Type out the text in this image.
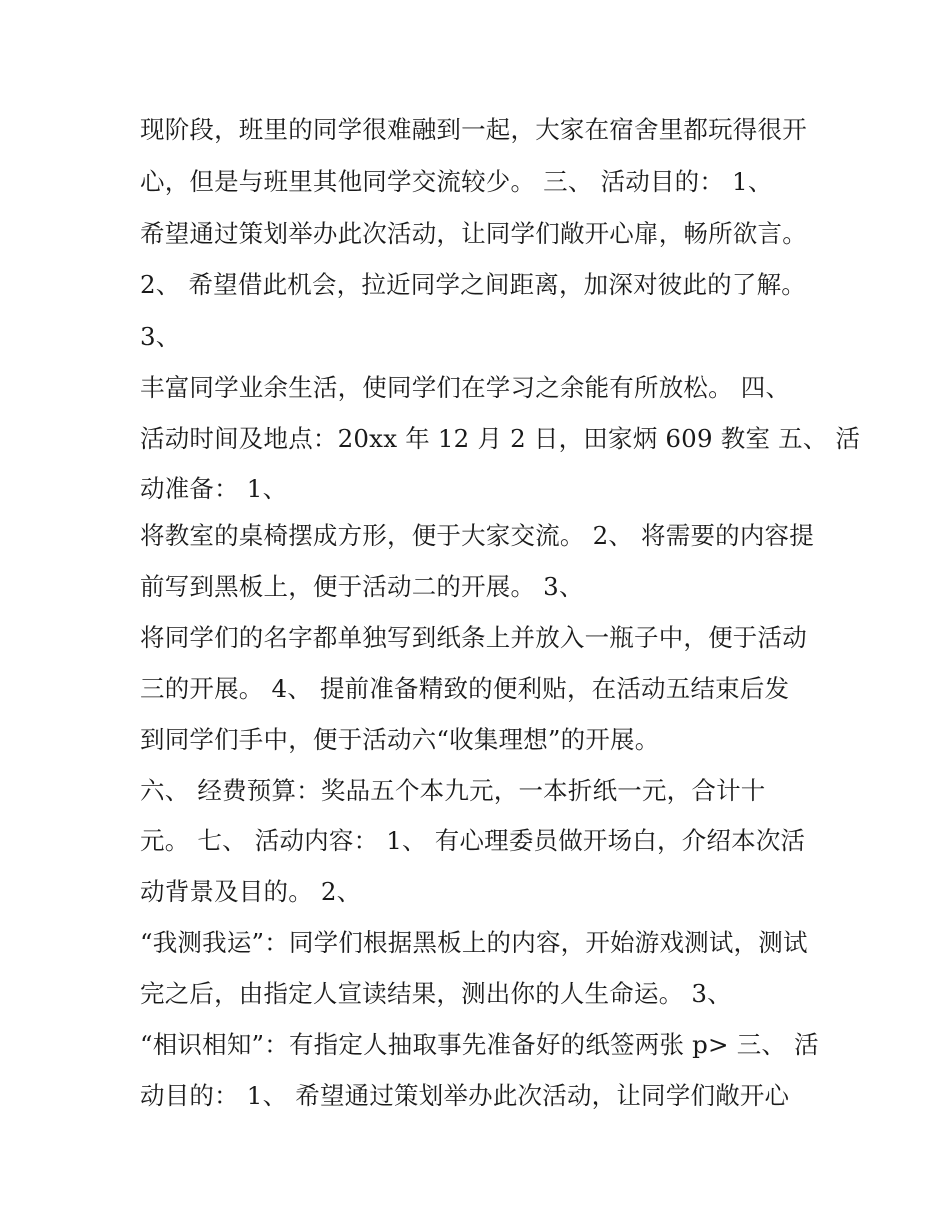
现阶段，班里的同学很难融到一起，大家在宿舍里都玩得很开
心，但是与班里其他同学交流较少。 三、 活动目的： 1、
希望通过策划举办此次活动，让同学们敞开心扉，畅所欲言。
2、 希望借此机会，拉近同学之间距离，加深对彼此的了解。
3、
丰富同学业余生活，使同学们在学习之余能有所放松。 四、
活动时间及地点：20xx 年 12 月 2 日，田家炳 609 教室 五、 活
动准备： 1、
将教室的桌椅摆成方形，便于大家交流。 2、 将需要的内容提
前写到黑板上，便于活动二的开展。 3、
将同学们的名字都单独写到纸条上并放入一瓶子中，便于活动
三的开展。 4、 提前准备精致的便利贴，在活动五结束后发
到同学们手中，便于活动六“收集理想”的开展。
六、 经费预算：奖品五个本九元，一本折纸一元，合计十
元。 七、 活动内容： 1、 有心理委员做开场白，介绍本次活
动背景及目的。 2、
“我测我运”：同学们根据黑板上的内容，开始游戏测试，测试
完之后，由指定人宣读结果，测出你的人生命运。 3、
“相识相知”：有指定人抽取事先准备好的纸签两张 p> 三、 活
动目的： 1、 希望通过策划举办此次活动，让同学们敞开心
